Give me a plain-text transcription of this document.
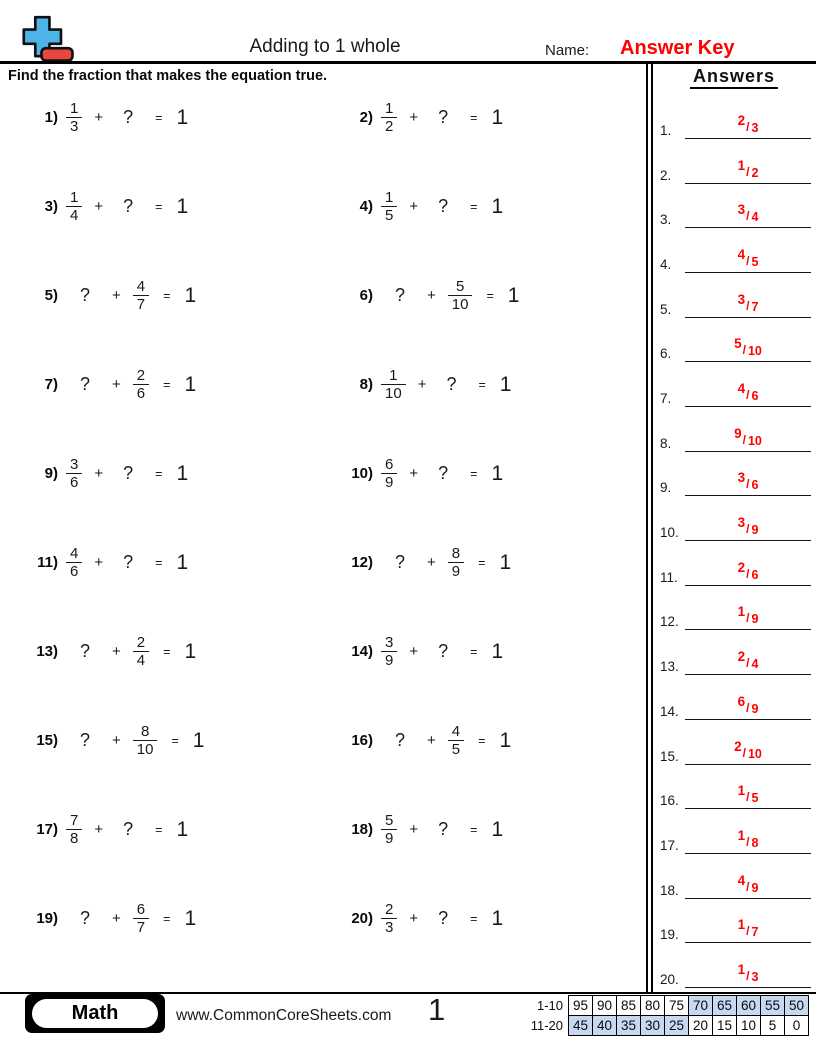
Adding to 1 whole	Name: Answer Key
Find the fraction that makes the equation true.
$1) \frac{1}{3}$ + ? = 1	$2) \frac{1}{2}$ + ? = 1
$3) \frac{1}{4}$ + ? = 1	$4) \frac{1}{5}$ + ? = 1
5) ? + $\frac{4}{7} = 1$	6) ? + $\frac{5}{10} = 1$
7) ? + $\frac{2}{6} = 1$	$8) \frac{1}{10}$ + ? = 1
$9) \frac{3}{6}$ + ? = 1	$10) \frac{6}{9}$ + ? = 1
$11) \frac{4}{6}$ + ? = 1	12) ? + $\frac{8}{9} = 1$
13) ? + $\frac{2}{4} = 1$	$14) \frac{3}{9}$ + ? = 1
15) ? + $\frac{8}{10} = 1$	16) ? + $\frac{4}{5} = 1$
$17) \frac{7}{8}$ + ? = 1	$18) \frac{5}{9}$ + ? = 1
19) ? + $\frac{6}{7} = 1$	$20) \frac{2}{3}$ + ? = 1
Answers
1.
$^2$/ 3
2.
$^1$/ 2
3.
$^3$/ 4
4.
$^4$/ 5
5.
$^3$/ 7
6.
$^5$/ 10
7.
$^4$/ 6
8.
$^9$/ 10
9.
$^3$/ 6
10.
$^3$/ 9
11.
$^2$/ 6
12.
$^1$/ 9
13.
$^2$/ 4
14.
$^6$/ 9
15.
$^2$/ 10
16.
$^1$/ 5
17.
$^1$/ 8
18.
$^4$/ 9
19.
$^1$/ 7
20.
$^1$/ 3
Math	www.CommonCoreSheets.com 1	1-10	95	90	85	80	75	70	65	60	55	50
11-20	45	40	35	30	25	20	15	10	5	0
